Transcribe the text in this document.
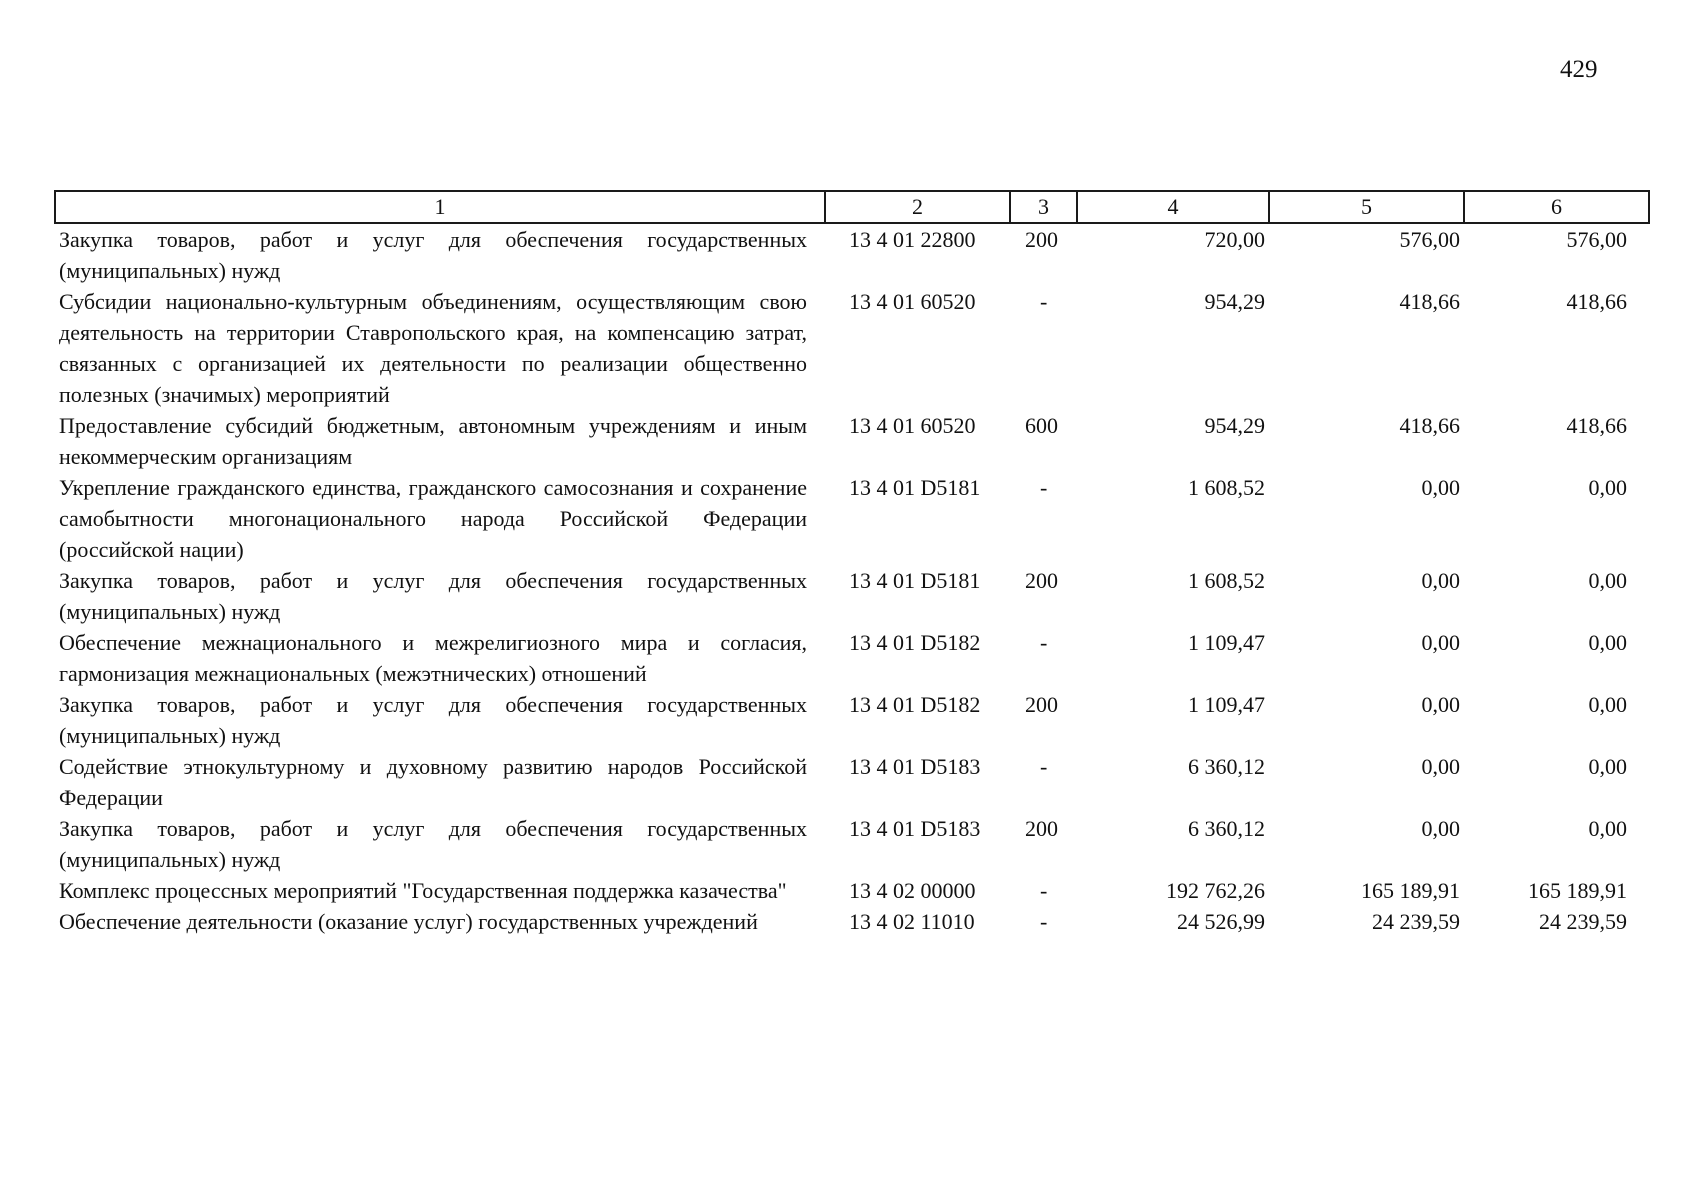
429
1	2	3	4	5	6
Закупка товаров, работ и услуг для обеспечения государственных (муниципальных) нужд	13 4 01 22800	200	720,00	576,00	576,00
Субсидии национально-культурным объединениям, осуществляющим свою деятельность на территории Ставропольского края, на компенсацию затрат, связанных с организацией их деятельности по реализации общественно полезных (значимых) мероприятий	13 4 01 60520	-	954,29	418,66	418,66
Предоставление субсидий бюджетным, автономным учреждениям и иным некоммерческим организациям	13 4 01 60520	600	954,29	418,66	418,66
Укрепление гражданского единства, гражданского самосознания и сохранение самобытности многонационального народа Российской Федерации (российской нации)	13 4 01 D5181	-	1 608,52	0,00	0,00
Закупка товаров, работ и услуг для обеспечения государственных (муниципальных) нужд	13 4 01 D5181	200	1 608,52	0,00	0,00
Обеспечение межнационального и межрелигиозного мира и согласия, гармонизация межнациональных (межэтнических) отношений	13 4 01 D5182	-	1 109,47	0,00	0,00
Закупка товаров, работ и услуг для обеспечения государственных (муниципальных) нужд	13 4 01 D5182	200	1 109,47	0,00	0,00
Содействие этнокультурному и духовному развитию народов Российской Федерации	13 4 01 D5183	-	6 360,12	0,00	0,00
Закупка товаров, работ и услуг для обеспечения государственных (муниципальных) нужд	13 4 01 D5183	200	6 360,12	0,00	0,00
Комплекс процессных мероприятий "Государственная поддержка казачества"	13 4 02 00000	-	192 762,26	165 189,91	165 189,91
Обеспечение деятельности (оказание услуг) государственных учреждений	13 4 02 11010	-	24 526,99	24 239,59	24 239,59
